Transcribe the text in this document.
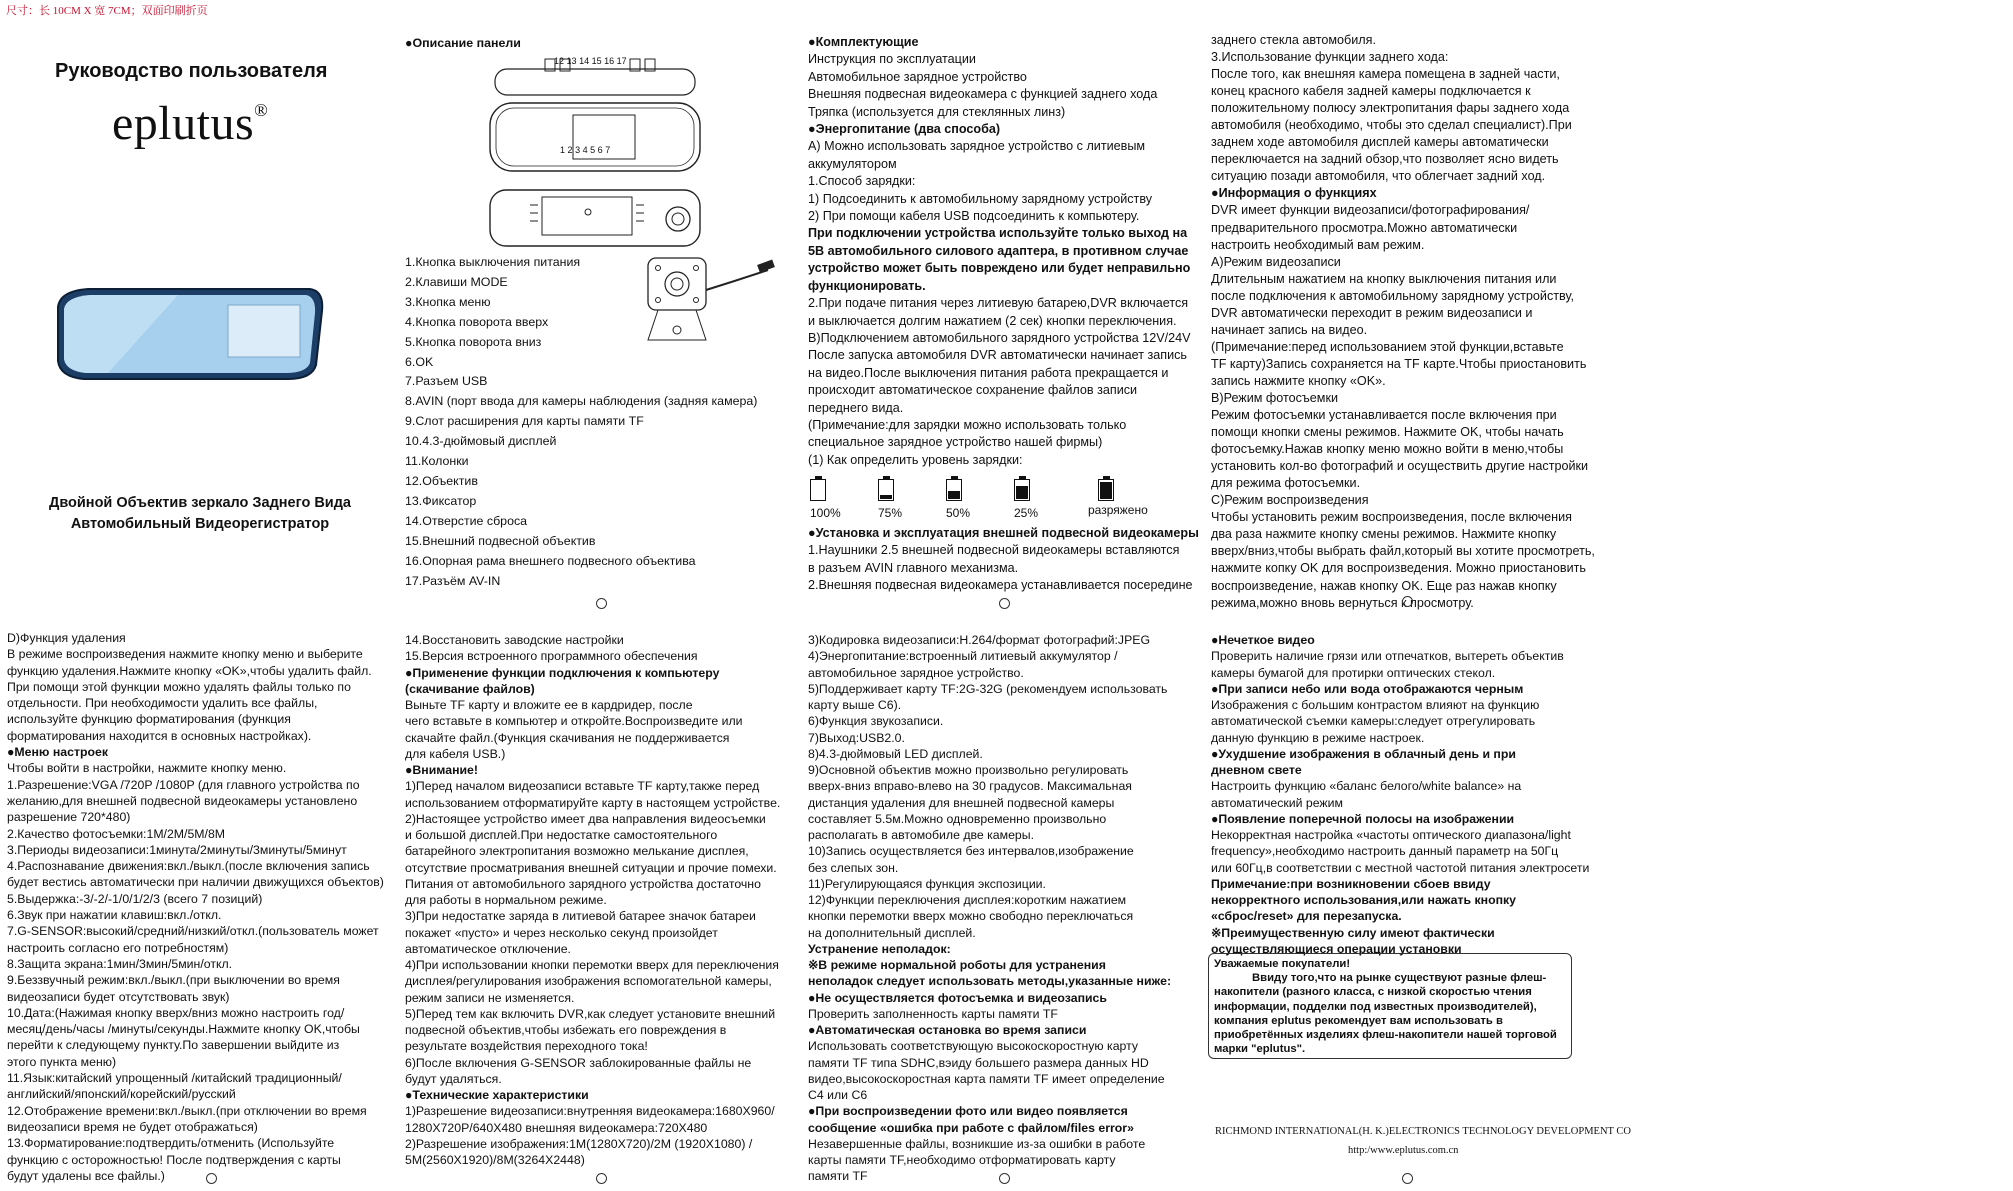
尺寸：长 10CM X 宽 7CM；双面印刷折页
Руководство пользователя
eplutus®
Двойной Объектив зеркало Заднего Вида
Автомобильный Видеорегистратор
●Описание панели
12 13 14 15 16 17
1 2 3 4 5 6 7
1.Кнопка выключения питания
2.Клавиши MODE
3.Кнопка меню
4.Кнопка поворота вверх
5.Кнопка поворота вниз
6.OK
7.Разъем USB
8.AVIN (порт ввода для камеры наблюдения (задняя камера)
9.Слот расширения для карты памяти TF
10.4.3-дюймовый дисплей
11.Колонки
12.Объектив
13.Фиксатор
14.Отверстие сброса
15.Внешний подвесной объектив
16.Опорная рама внешнего подвесного объектива
17.Разъём AV-IN
●Комплектующие
Инструкция по эксплуатации
Автомобильное зарядное устройство
Внешняя подвесная видеокамера с функцией заднего хода
Тряпка (используется для стеклянных линз)
●Энергопитание (два способа)
А) Можно использовать зарядное устройство с литиевым
аккумулятором
1.Способ зарядки:
1) Подсоединить к автомобильному зарядному устройству
2) При помощи кабеля USB подсоединить к компьютеру.
При подключении устройства используйте только выход на
5В автомобильного силового адаптера, в противном случае
устройство может быть повреждено или будет неправильно
функционировать.
2.При подаче питания через литиевую батарею,DVR включается
и выключается долгим нажатием (2 сек) кнопки переключения.
В)Подключением автомобильного зарядного устройства 12V/24V
После запуска автомобиля DVR автоматически начинает запись
на видео.После выключения питания работа прекращается и
происходит автоматическое сохранение файлов записи
переднего вида.
(Примечание:для зарядки можно использовать только
специальное зарядное устройство нашей фирмы)
(1) Как определить уровень зарядки:
●Установка и эксплуатация внешней подвесной видеокамеры
1.Наушники 2.5 внешней подвесной видеокамеры вставляются
в разъем AVIN главного механизма.
2.Внешняя подвесная видеокамера устанавливается посередине
заднего стекла автомобиля.
3.Использование функции заднего хода:
После того, как внешняя камера помещена в задней части,
конец красного кабеля задней камеры подключается к
положительному полюсу электропитания фары заднего хода
автомобиля (необходимо, чтобы это сделал специалист).При
заднем ходе автомобиля дисплей камеры автоматически
переключается на задний обзор,что позволяет ясно видеть
ситуацию позади автомобиля, что облегчает задний ход.
●Информация о функциях
DVR имеет функции видеозаписи/фотографирования/
предварительного просмотра.Можно автоматически
настроить необходимый вам режим.
А)Режим видеозаписи
Длительным нажатием на кнопку выключения питания или
после подключения к автомобильному зарядному устройству,
DVR автоматически переходит в режим видеозаписи и
начинает запись на видео.
(Примечание:перед использованием этой функции,вставьте
TF карту)Запись сохраняется на TF карте.Чтобы приостановить
запись нажмите кнопку «OK».
В)Режим фотосъемки
Режим фотосъемки устанавливается после включения при
помощи кнопки смены режимов. Нажмите OK, чтобы начать
фотосъемку.Нажав кнопку меню можно войти в меню,чтобы
установить кол-во фотографий и осуществить другие настройки
для режима фотосъемки.
С)Режим воспроизведения
Чтобы установить режим воспроизведения, после включения
два раза нажмите кнопку смены режимов. Нажмите кнопку
вверх/вниз,чтобы выбрать файл,который вы хотите просмотреть,
нажмите копку OK для воспроизведения. Можно приостановить
воспроизведение, нажав кнопку OK. Еще раз нажав кнопку
режима,можно вновь вернуться к просмотру.
D)Функция удаления
В режиме воспроизведения нажмите кнопку меню и выберите
функцию удаления.Нажмите кнопку «OK»,чтобы удалить файл.
При помощи этой функции можно удалять файлы только по
отдельности. При необходимости удалить все файлы,
используйте функцию форматирования (функция
форматирования находится в основных настройках).
●Меню настроек
Чтобы войти в настройки, нажмите кнопку меню.
1.Разрешение:VGA /720P /1080P (для главного устройства по
желанию,для внешней подвесной видеокамеры установлено
разрешение 720*480)
2.Качество фотосъемки:1M/2M/5M/8M
3.Периоды видеозаписи:1минута/2минуты/3минуты/5минут
4.Распознавание движения:вкл./выкл.(после включения запись
будет вестись автоматически при наличии движущихся объектов)
5.Выдержка:-3/-2/-1/0/1/2/3 (всего 7 позиций)
6.Звук при нажатии клавиш:вкл./откл.
7.G-SENSOR:высокий/средний/низкий/откл.(пользователь может
настроить согласно его потребностям)
8.Защита экрана:1мин/3мин/5мин/откл.
9.Беззвучный режим:вкл./выкл.(при выключении во время
видеозаписи будет отсутствовать звук)
10.Дата:(Нажимая кнопку вверх/вниз можно настроить год/
месяц/день/часы /минуты/секунды.Нажмите кнопку OK,чтобы
перейти к следующему пункту.По завершении выйдите из
этого пункта меню)
11.Язык:китайский упрощенный /китайский традиционный/
английский/японский/корейский/русский
12.Отображение времени:вкл./выкл.(при отключении во время
видеозаписи время не будет отображаться)
13.Форматирование:подтвердить/отменить (Используйте
функцию с осторожностью! После подтверждения с карты
будут удалены все файлы.)
14.Восстановить заводские настройки
15.Версия встроенного программного обеспечения
●Применение функции подключения к компьютеру
(скачивание файлов)
Выньте TF карту и вложите ее в кардридер, после
чего вставьте в компьютер и откройте.Воспроизведите или
скачайте файл.(Функция скачивания не поддерживается
для кабеля USB.)
●Внимание!
1)Перед началом видеозаписи вставьте TF карту,также перед
использованием отформатируйте карту в настоящем устройстве.
2)Настоящее устройство имеет два направления видеосъемки
и большой дисплей.При недостатке самостоятельного
батарейного электропитания возможно мелькание дисплея,
отсутствие просматривания внешней ситуации и прочие помехи.
Питания от автомобильного зарядного устройства достаточно
для работы в нормальном режиме.
3)При недостатке заряда в литиевой батарее значок батареи
покажет «пусто» и через несколько секунд произойдет
автоматическое отключение.
4)При использовании кнопки перемотки вверх для переключения
дисплея/регулирования изображения вспомогательной камеры,
режим записи не изменяется.
5)Перед тем как включить DVR,как следует установите внешний
подвесной объектив,чтобы избежать его повреждения в
результате воздействия переходного тока!
6)После включения G-SENSOR заблокированные файлы не
будут удаляться.
●Технические характеристики
1)Разрешение видеозаписи:внутренняя видеокамера:1680X960/
1280X720P/640X480 внешняя видеокамера:720X480
2)Разрешение изображения:1M(1280X720)/2M (1920X1080) /
5M(2560X1920)/8M(3264X2448)
3)Кодировка видеозаписи:H.264/формат фотографий:JPEG
4)Энергопитание:встроенный литиевый аккумулятор /
автомобильное зарядное устройство.
5)Поддерживает карту TF:2G-32G (рекомендуем использовать
карту выше C6).
6)Функция звукозаписи.
7)Выход:USB2.0.
8)4.3-дюймовый LED дисплей.
9)Основной объектив можно произвольно регулировать
вверх-вниз вправо-влево на 30 градусов. Максимальная
дистанция удаления для внешней подвесной камеры
составляет 5.5м.Можно одновременно произвольно
располагать в автомобиле две камеры.
10)Запись осуществляется без интервалов,изображение
без слепых зон.
11)Регулирующаяся функция экспозиции.
12)Функции переключения дисплея:коротким нажатием
кнопки перемотки вверх можно свободно переключаться
на дополнительный дисплей.
Устранение неполадок:
※В режиме нормальной роботы для устранения
неполадок следует использовать методы,указанные ниже:
●Не осуществляется фотосъемка и видеозапись
Проверить заполненность карты памяти TF
●Автоматическая остановка во время записи
Использовать соответствующую высокоскоростную карту
памяти TF типа SDHC,вэиду большего размера данных HD
видео,высокоскоростная карта памяти TF имеет определение
C4 или C6
●При воспроизведении фото или видео появляется
сообщение «ошибка при работе с файлом/files error»
Незавершенные файлы, возникшие из-за ошибки в работе
карты памяти TF,необходимо отформатировать карту
памяти TF
●Нечеткое видео
Проверить наличие грязи или отпечатков, вытереть объектив
камеры бумагой для протирки оптических стекол.
●При записи небо или вода отображаются черным
Изображения с большим контрастом влияют на функцию
автоматической съемки камеры:следует отрегулировать
данную функцию в режиме настроек.
●Ухудшение изображения в облачный день и при
дневном свете
Настроить функцию «баланс белого/white balance» на
автоматический режим
●Появление поперечной полосы на изображении
Некорректная настройка «частоты оптического диапазона/light
frequency»,необходимо настроить данный параметр на 50Гц
или 60Гц,в соответствии с местной частотой питания электросети
Примечание:при возникновении сбоев ввиду
некорректного использования,или нажать кнопку
«сброс/reset» для перезапуска.
※Преимущественную силу имеют фактически
осуществляющиеся операции установки
100%	75%	50%	25%	разряжено
Уважаемые покупатели!
Ввиду того,что на рынке существуют разные флеш-накопители (разного класса, с низкой скоростью чтения информации, подделки под известных производителей), компания eplutus рекомендует вам использовать в приобретённых изделиях флеш-накопители нашей торговой марки "eplutus".
RICHMOND INTERNATIONAL(H. K.)ELECTRONICS TECHNOLOGY DEVELOPMENT CO
http:/www.eplutus.com.cn
